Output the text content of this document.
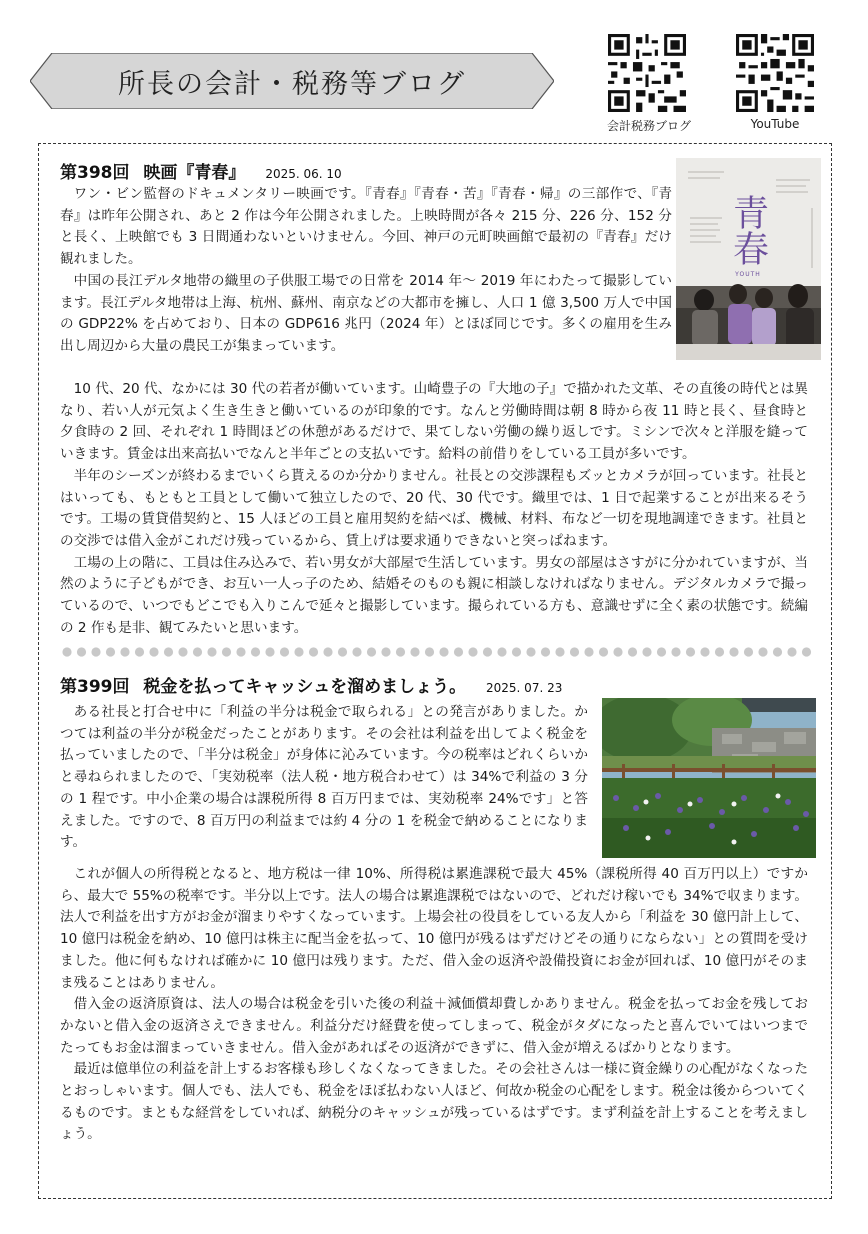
所長の会計・税務等ブログ
会計税務ブログ	YouTube
第398回 映画『青春』 2025. 06. 10
青春
YOUTH

ワン・ビン監督のドキュメンタリー映画です。『青春』『青春・苦』『青春・帰』の三部作で、『青春』は昨年公開され、あと 2 作は今年公開されました。上映時間が各々 215 分、226 分、152 分と長く、上映館でも 3 日間通わないといけません。今回、神戸の元町映画館で最初の『青春』だけ観れました。

中国の長江デルタ地帯の織里の子供服工場での日常を 2014 年～ 2019 年にわたって撮影しています。長江デルタ地帯は上海、杭州、蘇州、南京などの大都市を擁し、人口 1 億 3,500 万人で中国の GDP22% を占めており、日本の GDP616 兆円（2024 年）とほぼ同じです。多くの雇用を生み出し周辺から大量の農民工が集まっています。

10 代、20 代、なかには 30 代の若者が働いています。山崎豊子の『大地の子』で描かれた文革、その直後の時代とは異なり、若い人が元気よく生き生きと働いているのが印象的です。なんと労働時間は朝 8 時から夜 11 時と長く、昼食時と夕食時の 2 回、それぞれ 1 時間ほどの休憩があるだけで、果てしない労働の繰り返しです。ミシンで次々と洋服を縫っていきます。賃金は出来高払いでなんと半年ごとの支払いです。給料の前借りをしている工員が多いです。

半年のシーズンが終わるまでいくら貰えるのか分かりません。社長との交渉課程もズッとカメラが回っています。社長とはいっても、もともと工員として働いて独立したので、20 代、30 代です。織里では、1 日で起業することが出来るそうです。工場の賃貸借契約と、15 人ほどの工員と雇用契約を結べば、機械、材料、布など一切を現地調達できます。社員との交渉では借入金がこれだけ残っているから、賃上げは要求通りできないと突っぱねます。

工場の上の階に、工員は住み込みで、若い男女が大部屋で生活しています。男女の部屋はさすがに分かれていますが、当然のように子どもができ、お互い一人っ子のため、結婚そのものも親に相談しなければなりません。デジタルカメラで撮っているので、いつでもどこでも入りこんで延々と撮影しています。撮られている方も、意識せずに全く素の状態です。続編の 2 作も是非、観てみたいと思います。

第399回 税金を払ってキャッシュを溜めましょう。 2025. 07. 23

ある社長と打合せ中に「利益の半分は税金で取られる」との発言がありました。かつては利益の半分が税金だったことがあります。その会社は利益を出してよく税金を払っていましたので、「半分は税金」が身体に沁みています。今の税率はどれくらいかと尋ねられましたので、「実効税率（法人税・地方税合わせて）は 34%で利益の 3 分の 1 程です。中小企業の場合は課税所得 8 百万円までは、実効税率 24%です」と答えました。ですので、8 百万円の利益までは約 4 分の 1 を税金で納めることになります。

これが個人の所得税となると、地方税は一律 10%、所得税は累進課税で最大 45%（課税所得 40 百万円以上）ですから、最大で 55%の税率です。半分以上です。法人の場合は累進課税ではないので、どれだけ稼いでも 34%で収まります。法人で利益を出す方がお金が溜まりやすくなっています。上場会社の役員をしている友人から「利益を 30 億円計上して、10 億円は税金を納め、10 億円は株主に配当金を払って、10 億円が残るはずだけどその通りにならない」との質問を受けました。他に何もなければ確かに 10 億円は残ります。ただ、借入金の返済や設備投資にお金が回れば、10 億円がそのまま残ることはありません。

借入金の返済原資は、法人の場合は税金を引いた後の利益＋減価償却費しかありません。税金を払ってお金を残しておかないと借入金の返済さえできません。利益分だけ経費を使ってしまって、税金がタダになったと喜んでいてはいつまでたってもお金は溜まっていきません。借入金があればその返済ができずに、借入金が増えるばかりとなります。

最近は億単位の利益を計上するお客様も珍しくなくなってきました。その会社さんは一様に資金繰りの心配がなくなったとおっしゃいます。個人でも、法人でも、税金をほぼ払わない人ほど、何故か税金の心配をします。税金は後からついてくるものです。まともな経営をしていれば、納税分のキャッシュが残っているはずです。まず利益を計上することを考えましょう。
